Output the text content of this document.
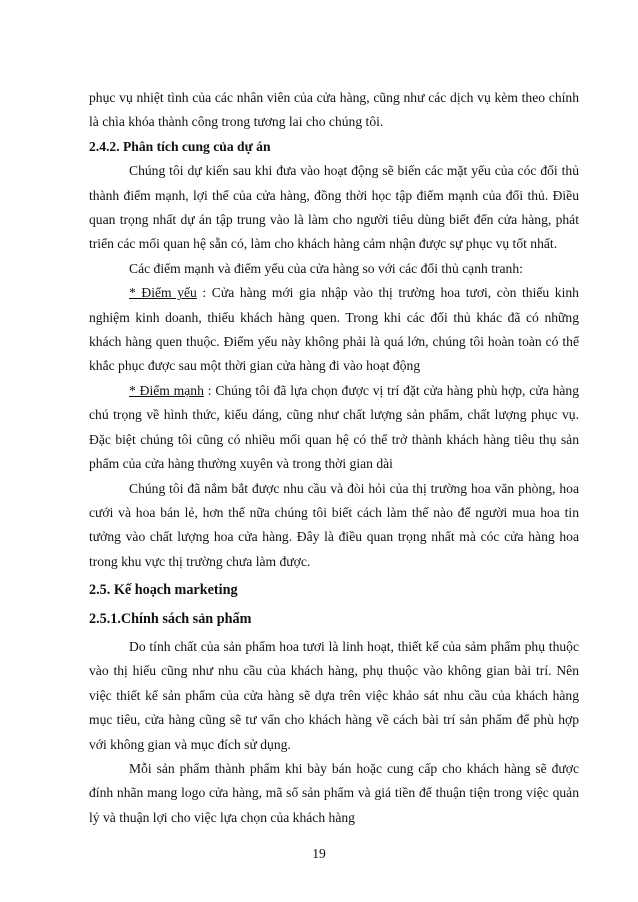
phục vụ nhiệt tình của các nhân viên của cửa hàng, cũng như các dịch vụ kèm theo chính là chìa khóa thành công trong tương lai cho chúng tôi.

2.4.2. Phân tích cung của dự án

Chúng tôi dự kiến sau khi đưa vào hoạt động sẽ biến các mặt yếu của cóc đối thủ thành điểm mạnh, lợi thế của cửa hàng, đồng thời học tập điểm mạnh của đối thủ. Điều quan trọng nhất dự án tập trung vào là làm cho người tiêu dùng biết đến cửa hàng, phát triển các mối quan hệ sẵn có, làm cho khách hàng cảm nhận được sự phục vụ tốt nhất.

Các điểm mạnh và điểm yếu của cửa hàng so với các đối thủ cạnh tranh:

* Điểm yếu : Cửa hàng mới gia nhập vào thị trường hoa tươi, còn thiếu kinh nghiệm kinh doanh, thiếu khách hàng quen. Trong khi các đối thủ khác đã có những khách hàng quen thuộc. Điểm yếu này không phải là quá lớn, chúng tôi hoàn toàn có thể khắc phục được sau một thời gian cửa hàng đi vào hoạt động

* Điểm mạnh : Chúng tôi đã lựa chọn được vị trí đặt cửa hàng phù hợp, cửa hàng chú trọng về hình thức, kiểu dáng, cũng như chất lượng sản phẩm, chất lượng phục vụ. Đặc biệt chúng tôi cũng có nhiều mối quan hệ có thể trở thành khách hàng tiêu thụ sản phẩm của cửa hàng thường xuyên và trong thời gian dài

Chúng tôi đã nắm bắt được nhu cầu và đòi hỏi của thị trường hoa văn phòng, hoa cưới và hoa bán lẻ, hơn thế nữa chúng tôi biết cách làm thế nào để người mua hoa tin tưởng vào chất lượng hoa cửa hàng. Đây là điều quan trọng nhất mà cóc cửa hàng hoa trong khu vực thị trường chưa làm được.

2.5. Kế hoạch marketing

2.5.1.Chính sách sản phẩm

Do tính chất của sản phẩm hoa tươi là linh hoạt, thiết kế của sảm phẩm phụ thuộc vào thị hiếu cũng như nhu cầu của khách hàng, phụ thuộc vào không gian bài trí. Nên việc thiết kế sản phẩm của cửa hàng sẽ dựa trên việc khảo sát nhu cầu của khách hàng mục tiêu, cửa hàng cũng sẽ tư vấn cho khách hàng về cách bài trí sản phẩm để phù hợp với không gian và mục đích sử dụng.

Mỗi sản phẩm thành phẩm khi bày bán hoặc cung cấp cho khách hàng sẽ được đính nhãn mang logo cửa hàng, mã số sản phẩm và giá tiền để thuận tiện trong việc quản lý và thuận lợi cho việc lựa chọn của khách hàng

19
